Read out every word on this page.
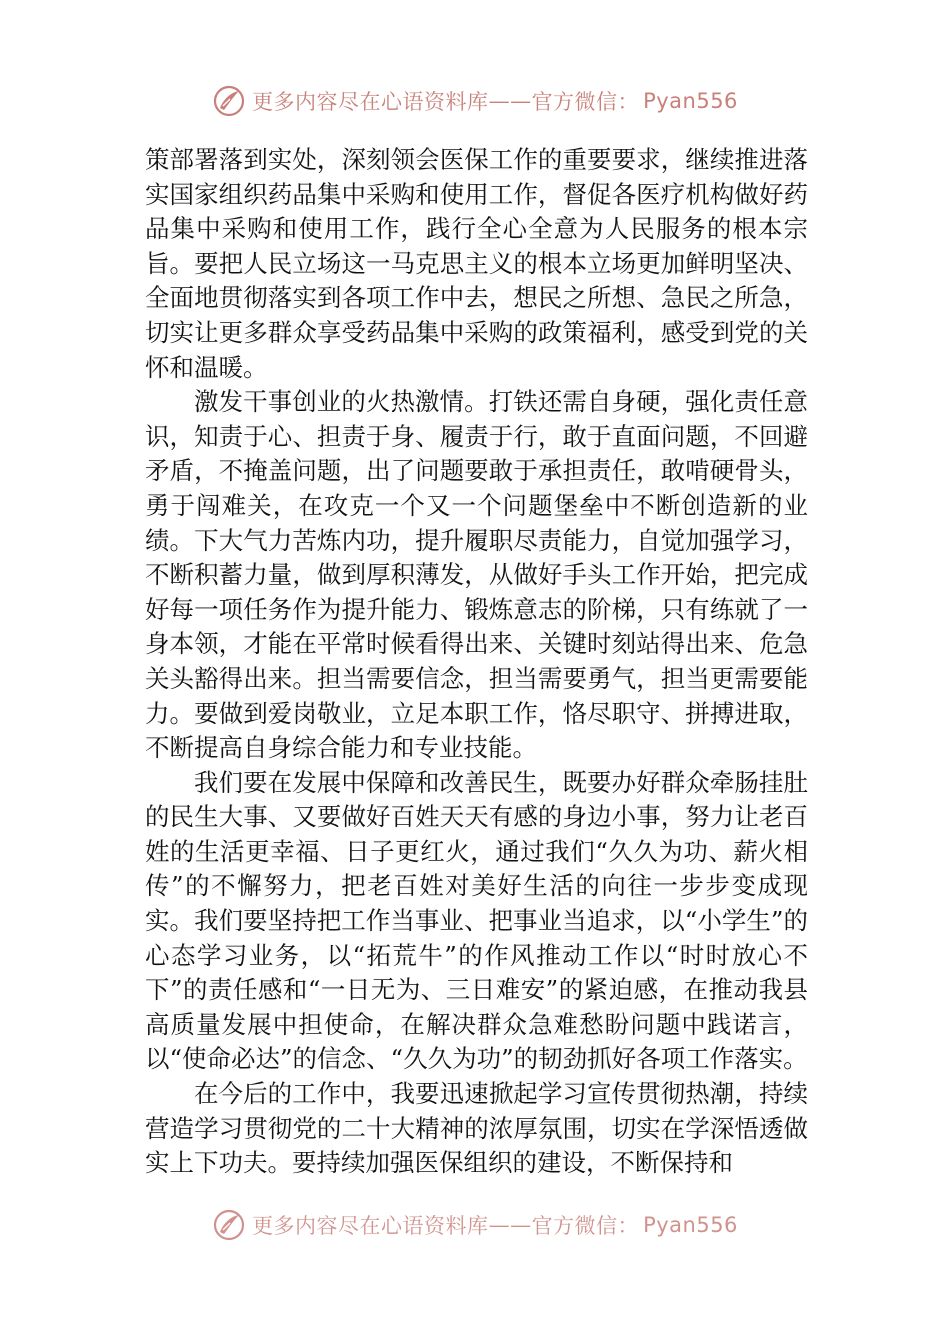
更多内容尽在心语资料库 —— 官方微信： Pyan556

策部署落到实处，深刻领会医保工作的重要要求，继续推进落实国家组织药品集中采购和使用工作，督促各医疗机构做好药品集中采购和使用工作，践行全心全意为人民服务的根本宗旨。要把人民立场这一马克思主义的根本立场更加鲜明坚决、全面地贯彻落实到各项工作中去，想民之所想、急民之所急，切实让更多群众享受药品集中采购的政策福利，感受到党的关怀和温暖。

激发干事创业的火热激情。打铁还需自身硬，强化责任意识，知责于心、担责于身、履责于行，敢于直面问题，不回避矛盾，不掩盖问题，出了问题要敢于承担责任，敢啃硬骨头，勇于闯难关，在攻克一个又一个问题堡垒中不断创造新的业绩。下大气力苦炼内功，提升履职尽责能力，自觉加强学习，不断积蓄力量，做到厚积薄发，从做好手头工作开始，把完成好每一项任务作为提升能力、锻炼意志的阶梯，只有练就了一身本领，才能在平常时候看得出来、关键时刻站得出来、危急关头豁得出来。担当需要信念，担当需要勇气，担当更需要能力。要做到爱岗敬业，立足本职工作，恪尽职守、拼搏进取，不断提高自身综合能力和专业技能。

我们要在发展中保障和改善民生，既要办好群众牵肠挂肚的民生大事、又要做好百姓天天有感的身边小事，努力让老百姓的生活更幸福、日子更红火，通过我们“久久为功、薪火相传”的不懈努力，把老百姓对美好生活的向往一步步变成现实。我们要坚持把工作当事业、把事业当追求，以“小学生”的心态学习业务，以“拓荒牛”的作风推动工作以“时时放心不下”的责任感和“一日无为、三日难安”的紧迫感，在推动我县高质量发展中担使命，在解决群众急难愁盼问题中践诺言，以“使命必达”的信念、“久久为功”的韧劲抓好各项工作落实。

在今后的工作中，我要迅速掀起学习宣传贯彻热潮，持续营造学习贯彻党的二十大精神的浓厚氛围，切实在学深悟透做实上下功夫。要持续加强医保组织的建设，不断保持和

更多内容尽在心语资料库 —— 官方微信： Pyan556
